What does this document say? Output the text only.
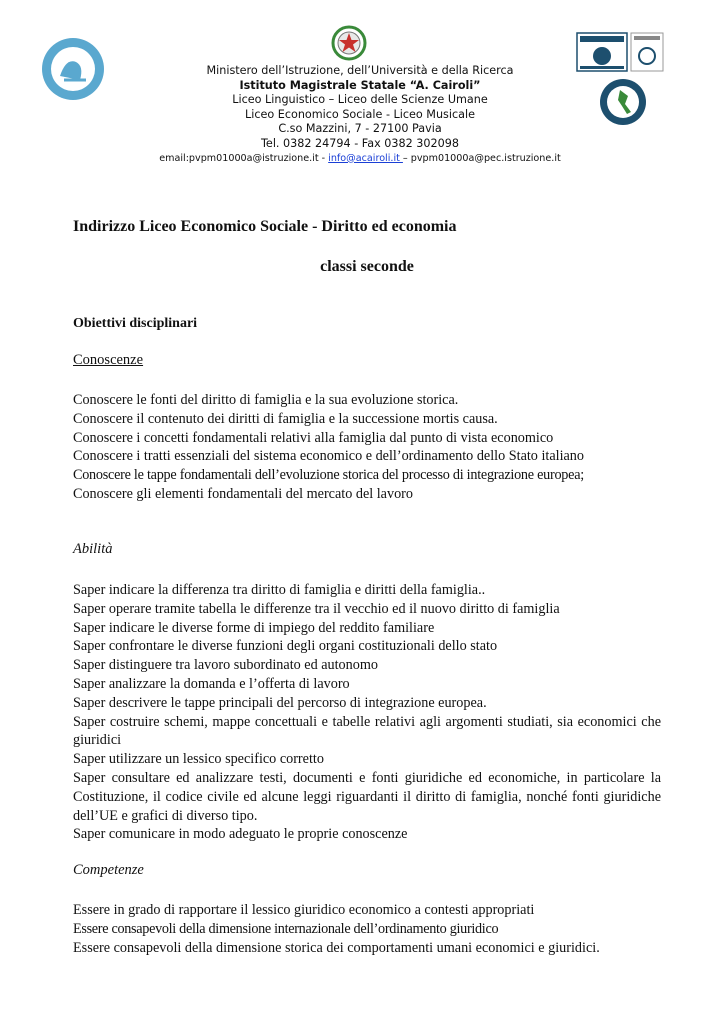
Ministero dell’Istruzione, dell’Università e della Ricerca
Istituto Magistrale Statale “A. Cairoli”
Liceo Linguistico – Liceo delle Scienze Umane
Liceo Economico Sociale - Liceo Musicale
C.so Mazzini, 7 - 27100 Pavia
Tel. 0382 24794 - Fax 0382 302098
email:pvpm01000a@istruzione.it - info@acairoli.it – pvpm01000a@pec.istruzione.it
Indirizzo Liceo Economico Sociale - Diritto ed economia
classi seconde
Obiettivi disciplinari
Conoscenze
Conoscere le fonti del diritto di famiglia e la sua evoluzione storica.
Conoscere il contenuto dei diritti di famiglia e la successione mortis causa.
Conoscere i concetti fondamentali relativi alla famiglia dal punto di vista economico
Conoscere i tratti essenziali del sistema economico e dell’ordinamento dello Stato italiano
Conoscere le tappe fondamentali dell’evoluzione storica del processo di integrazione europea;
Conoscere gli elementi fondamentali del mercato del lavoro
Abilità
Saper indicare la differenza tra diritto di famiglia e diritti della famiglia..
Saper operare tramite tabella le differenze tra il vecchio ed il nuovo diritto di famiglia
Saper indicare le diverse forme di impiego del reddito familiare
Saper confrontare le diverse funzioni degli organi costituzionali dello stato
Saper distinguere tra lavoro subordinato ed autonomo
Saper analizzare la domanda e l’offerta di lavoro
Saper descrivere le tappe principali del percorso di integrazione europea.
Saper costruire schemi, mappe concettuali e tabelle relativi agli argomenti studiati, sia economici che giuridici
Saper utilizzare un lessico specifico corretto
Saper consultare ed analizzare testi, documenti e fonti giuridiche ed economiche, in particolare la Costituzione, il codice civile ed alcune leggi riguardanti il diritto di famiglia, nonché fonti giuridiche dell’UE e grafici di diverso tipo.
Saper comunicare in modo adeguato le proprie conoscenze
Competenze
Essere in grado di rapportare il lessico giuridico economico a contesti appropriati
Essere consapevoli della dimensione internazionale dell’ordinamento giuridico
Essere consapevoli della dimensione storica dei comportamenti umani economici e giuridici.
